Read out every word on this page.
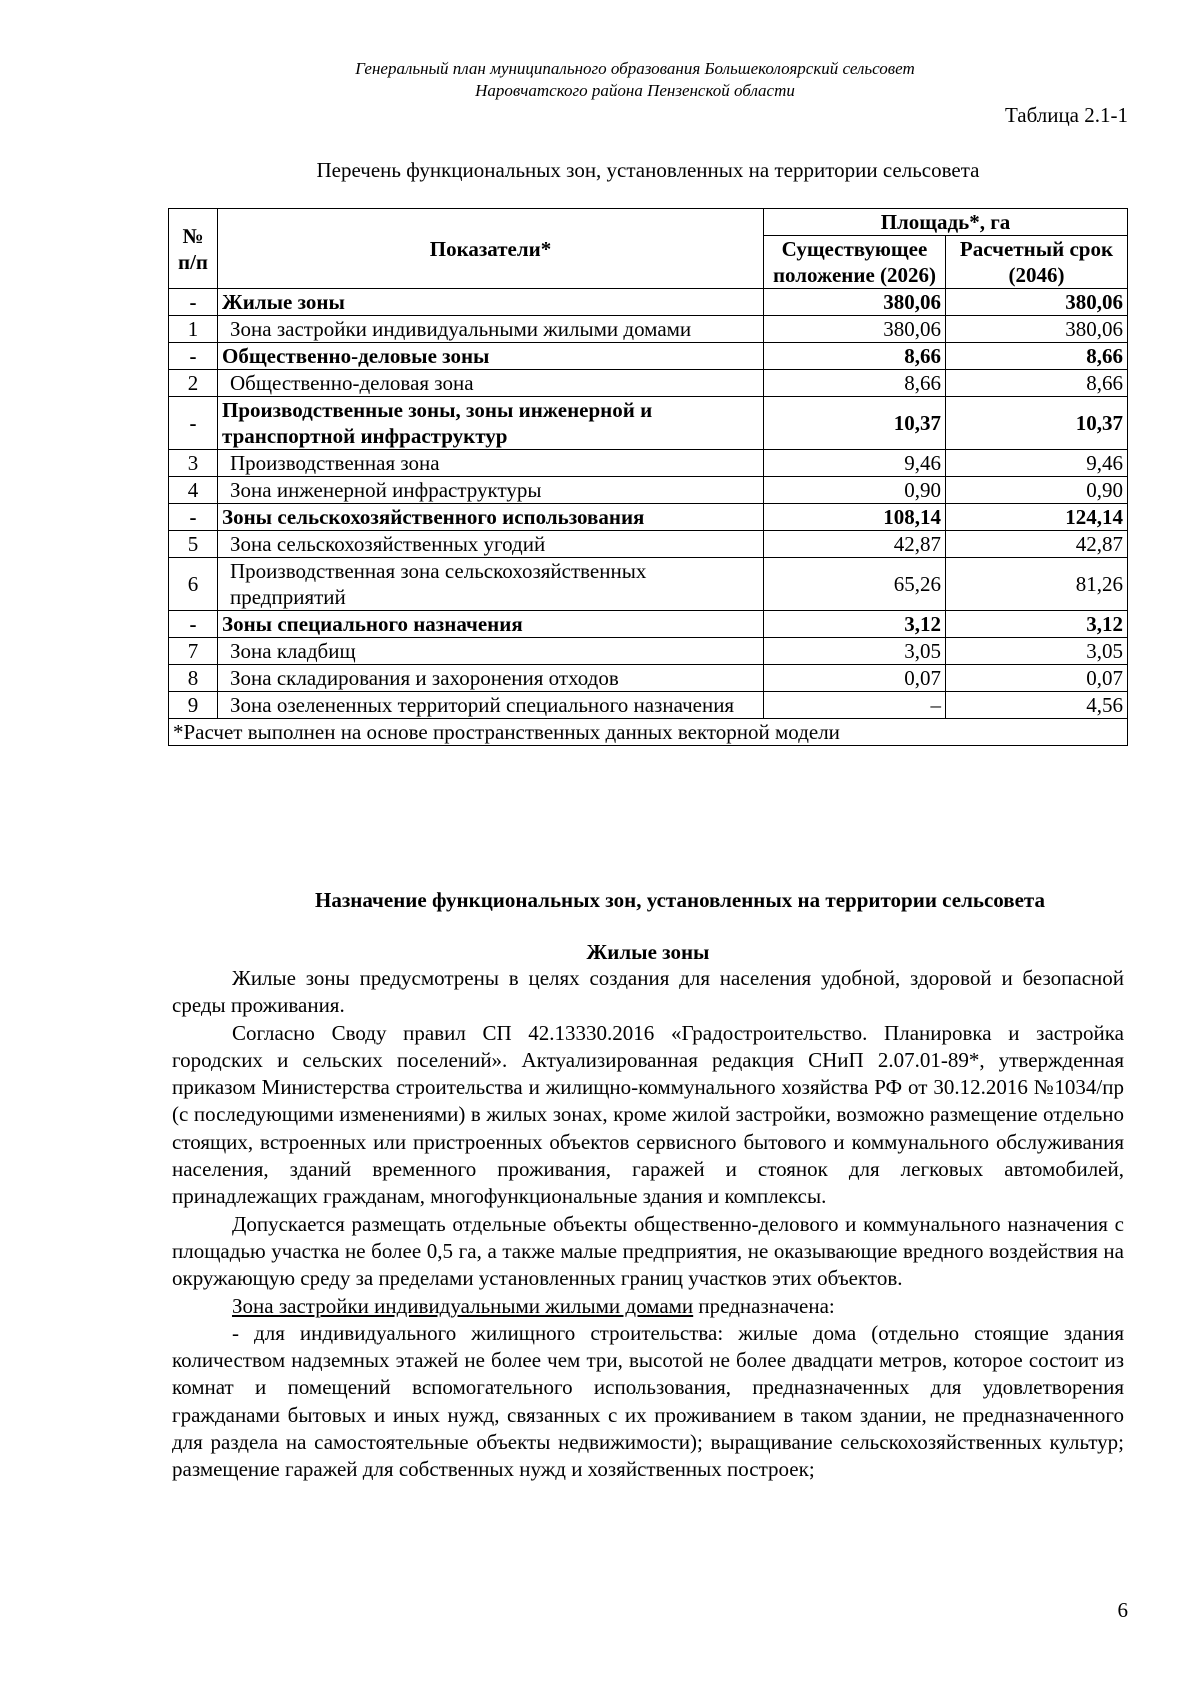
Генеральный план муниципального образования Большеколоярский сельсовет
Наровчатского района Пензенской области
Таблица 2.1-1
Перечень функциональных зон, установленных на территории сельсовета
№ п/п	Показатели*	Площадь*, га	
		Существующее положение (2026)	Расчетный срок (2046)
-	Жилые зоны	380,06	380,06
1	Зона застройки индивидуальными жилыми домами	380,06	380,06
-	Общественно-деловые зоны	8,66	8,66
2	Общественно-деловая зона	8,66	8,66
-	Производственные зоны, зоны инженерной и транспортной инфраструктур	10,37	10,37
3	Производственная зона	9,46	9,46
4	Зона инженерной инфраструктуры	0,90	0,90
-	Зоны сельскохозяйственного использования	108,14	124,14
5	Зона сельскохозяйственных угодий	42,87	42,87
6	Производственная зона сельскохозяйственных предприятий	65,26	81,26
-	Зоны специального назначения	3,12	3,12
7	Зона кладбищ	3,05	3,05
8	Зона складирования и захоронения отходов	0,07	0,07
9	Зона озелененных территорий специального назначения	–	4,56
*Расчет выполнен на основе пространственных данных векторной модели			
Назначение функциональных зон, установленных на территории сельсовета
Жилые зоны

Жилые зоны предусмотрены в целях создания для населения удобной, здоровой и безопасной среды проживания.

Согласно Своду правил СП 42.13330.2016 «Градостроительство. Планировка и застройка городских и сельских поселений». Актуализированная редакция СНиП 2.07.01-89*, утвержденная приказом Министерства строительства и жилищно-коммунального хозяйства РФ от 30.12.2016 №1034/пр (с последующими изменениями) в жилых зонах, кроме жилой застройки, возможно размещение отдельно стоящих, встроенных или пристроенных объектов сервисного бытового и коммунального обслуживания населения, зданий временного проживания, гаражей и стоянок для легковых автомобилей, принадлежащих гражданам, многофункциональные здания и комплексы.

Допускается размещать отдельные объекты общественно-делового и коммунального назначения с площадью участка не более 0,5 га, а также малые предприятия, не оказывающие вредного воздействия на окружающую среду за пределами установленных границ участков этих объектов.

Зона застройки индивидуальными жилыми домами предназначена:

- для индивидуального жилищного строительства: жилые дома (отдельно стоящие здания количеством надземных этажей не более чем три, высотой не более двадцати метров, которое состоит из комнат и помещений вспомогательного использования, предназначенных для удовлетворения гражданами бытовых и иных нужд, связанных с их проживанием в таком здании, не предназначенного для раздела на самостоятельные объекты недвижимости); выращивание сельскохозяйственных культур; размещение гаражей для собственных нужд и хозяйственных построек;

6
